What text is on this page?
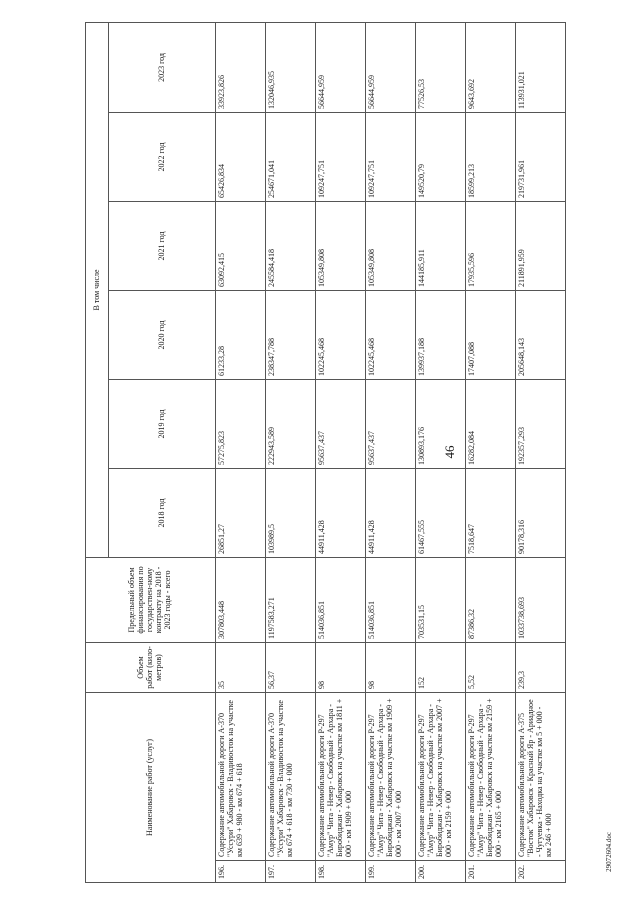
46
29072604.doc
Наименование работ (услуг)		Объем работ (кило-метров)	Предельный объем финансирования по государствен-ному контракту на 2018 - 2023 годы - всего	В том числе					
				2018 год	2019 год	2020 год	2021 год	2022 год	2023 год
196.	Содержание автомобильной дороги А-370 "Уссури" Хабаровск - Владивосток на участке км 639 + 980 - км 674 + 618	35	307803,448	26851,27	57275,823	61233,28	63092,415	65426,834	33923,826
197.	Содержание автомобильной дороги А-370 "Уссури" Хабаровск - Владивосток на участке км 674 + 618 - км 730 + 000	56,37	1197583,271	103989,5	222943,589	238347,788	245584,418	254671,041	132046,935
198.	Содержание автомобильной дороги Р-297 "Амур" Чита - Невер - Свободный - Архара - Биробиджан - Хабаровск на участке км 1811 + 000 - км 1909 + 000	98	514036,851	44911,428	95637,437	102245,468	105349,808	109247,751	56644,959
199.	Содержание автомобильной дороги Р-297 "Амур" Чита - Невер - Свободный - Архара - Биробиджан - Хабаровск на участке км 1909 + 000 - км 2007 + 000	98	514036,851	44911,428	95637,437	102245,468	105349,808	109247,751	56644,959
200.	Содержание автомобильной дороги Р-297 "Амур" Чита - Невер - Свободный - Архара - Биробиджан - Хабаровск на участке км 2007 + 000 - км 2159 + 000	152	703531,15	61467,555	130893,176	139937,188	144185,911	149520,79	77526,53
201.	Содержание автомобильной дороги Р-297 "Амур" Чита - Невер - Свободный - Архара - Биробиджан - Хабаровск на участке км 2159 + 000 - км 2165 + 000	5,52	87386,32	7518,647	16282,084	17407,088	17935,596	18599,213	9643,692
202.	Содержание автомобильной дороги А-375 "Восток" Хабаровск - Красный Яр - Ариадное - Чугуевка - Находка на участке км 5 + 000 - км 246 + 000	239,3	1033738,693	90178,316	192357,293	205648,143	211891,959	219731,961	113931,021
